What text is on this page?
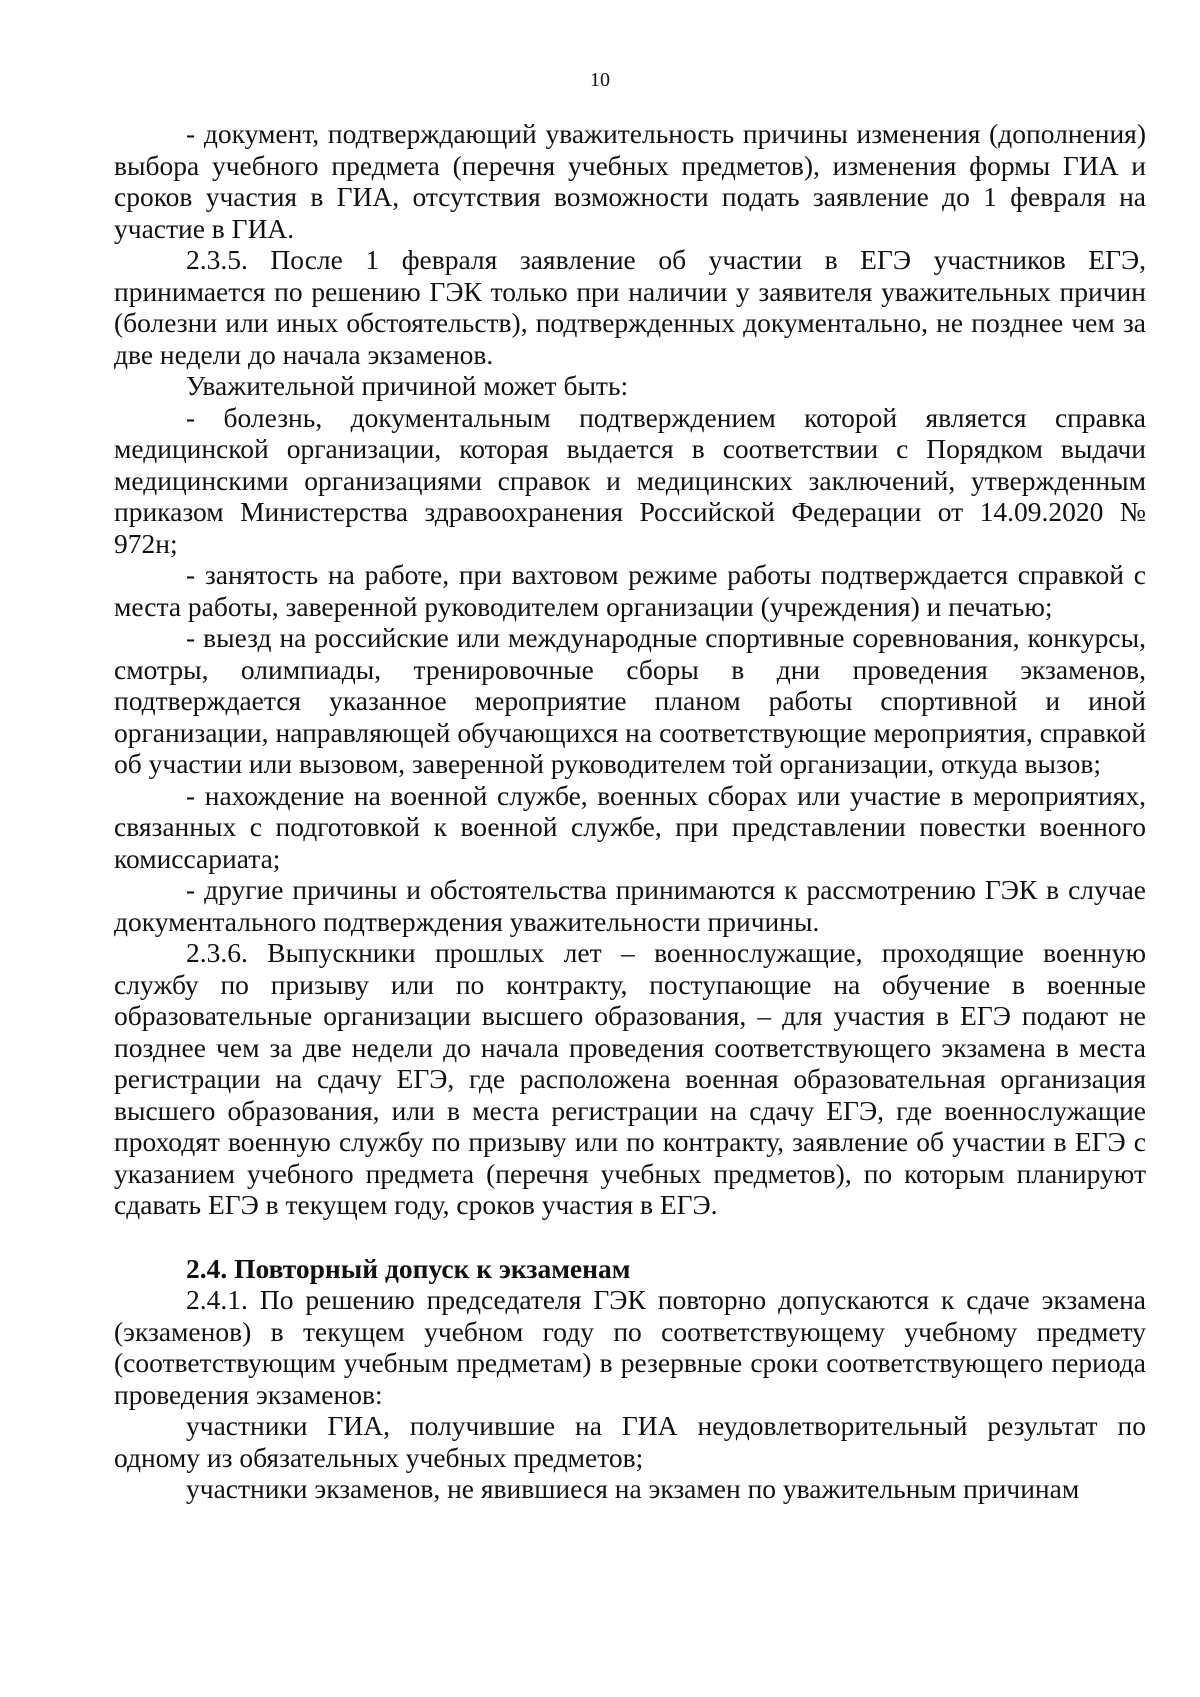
10

- документ, подтверждающий уважительность причины изменения (дополнения) выбора учебного предмета (перечня учебных предметов), изменения формы ГИА и сроков участия в ГИА, отсутствия возможности подать заявление до 1 февраля на участие в ГИА.

2.3.5. После 1 февраля заявление об участии в ЕГЭ участников ЕГЭ, принимается по решению ГЭК только при наличии у заявителя уважительных причин (болезни или иных обстоятельств), подтвержденных документально, не позднее чем за две недели до начала экзаменов.

Уважительной причиной может быть:

- болезнь, документальным подтверждением которой является справка медицинской организации, которая выдается в соответствии с Порядком выдачи медицинскими организациями справок и медицинских заключений, утвержденным приказом Министерства здравоохранения Российской Федерации от 14.09.2020 № 972н;

- занятость на работе, при вахтовом режиме работы подтверждается справкой с места работы, заверенной руководителем организации (учреждения) и печатью;

- выезд на российские или международные спортивные соревнования, конкурсы, смотры, олимпиады, тренировочные сборы в дни проведения экзаменов, подтверждается указанное мероприятие планом работы спортивной и иной организации, направляющей обучающихся на соответствующие мероприятия, справкой об участии или вызовом, заверенной руководителем той организации, откуда вызов;

- нахождение на военной службе, военных сборах или участие в мероприятиях, связанных с подготовкой к военной службе, при представлении повестки военного комиссариата;

- другие причины и обстоятельства принимаются к рассмотрению ГЭК в случае документального подтверждения уважительности причины.

2.3.6. Выпускники прошлых лет – военнослужащие, проходящие военную службу по призыву или по контракту, поступающие на обучение в военные образовательные организации высшего образования, – для участия в ЕГЭ подают не позднее чем за две недели до начала проведения соответствующего экзамена в места регистрации на сдачу ЕГЭ, где расположена военная образовательная организация высшего образования, или в места регистрации на сдачу ЕГЭ, где военнослужащие проходят военную службу по призыву или по контракту, заявление об участии в ЕГЭ с указанием учебного предмета (перечня учебных предметов), по которым планируют сдавать ЕГЭ в текущем году, сроков участия в ЕГЭ.

2.4. Повторный допуск к экзаменам

2.4.1. По решению председателя ГЭК повторно допускаются к сдаче экзамена (экзаменов) в текущем учебном году по соответствующему учебному предмету (соответствующим учебным предметам) в резервные сроки соответствующего периода проведения экзаменов:

участники ГИА, получившие на ГИА неудовлетворительный результат по одному из обязательных учебных предметов;

участники экзаменов, не явившиеся на экзамен по уважительным причинам
